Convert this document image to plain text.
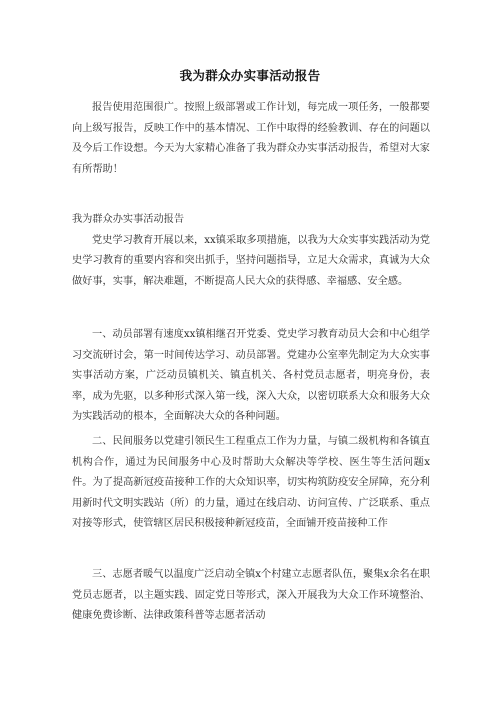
我为群众办实事活动报告

报告使用范围很广。按照上级部署或工作计划，每完成一项任务，一般都要向上级写报告，反映工作中的基本情况、工作中取得的经验教训、存在的问题以及今后工作设想。今天为大家精心准备了我为群众办实事活动报告，希望对大家有所帮助！

我为群众办实事活动报告

党史学习教育开展以来，xx镇采取多项措施，以我为大众实事实践活动为党史学习教育的重要内容和突出抓手，坚持问题指导，立足大众需求，真诚为大众做好事，实事，解决难题，不断提高人民大众的获得感、幸福感、安全感。

一、动员部署有速度xx镇相继召开党委、党史学习教育动员大会和中心组学习交流研讨会，第一时间传达学习、动员部署。党建办公室率先制定为大众实事实事活动方案，广泛动员镇机关、镇直机关、各村党员志愿者，明亮身份，表率，成为先驱，以多种形式深入第一线，深入大众，以密切联系大众和服务大众为实践活动的根本，全面解决大众的各种问题。

二、民间服务以党建引领民生工程重点工作为力量，与镇二级机构和各镇直机构合作，通过为民间服务中心及时帮助大众解决等学校、医生等生活问题x件。为了提高新冠疫苗接种工作的大众知识率，切实构筑防疫安全屏障，充分利用新时代文明实践站（所）的力量，通过在线启动、访问宣传、广泛联系、重点对接等形式，使管辖区居民积极接种新冠疫苗，全面铺开疫苗接种工作

三、志愿者暖气以温度广泛启动全镇x个村建立志愿者队伍，聚集x余名在职党员志愿者，以主题实践、固定党日等形式，深入开展我为大众工作环境整治、健康免费诊断、法律政策科普等志愿者活动
